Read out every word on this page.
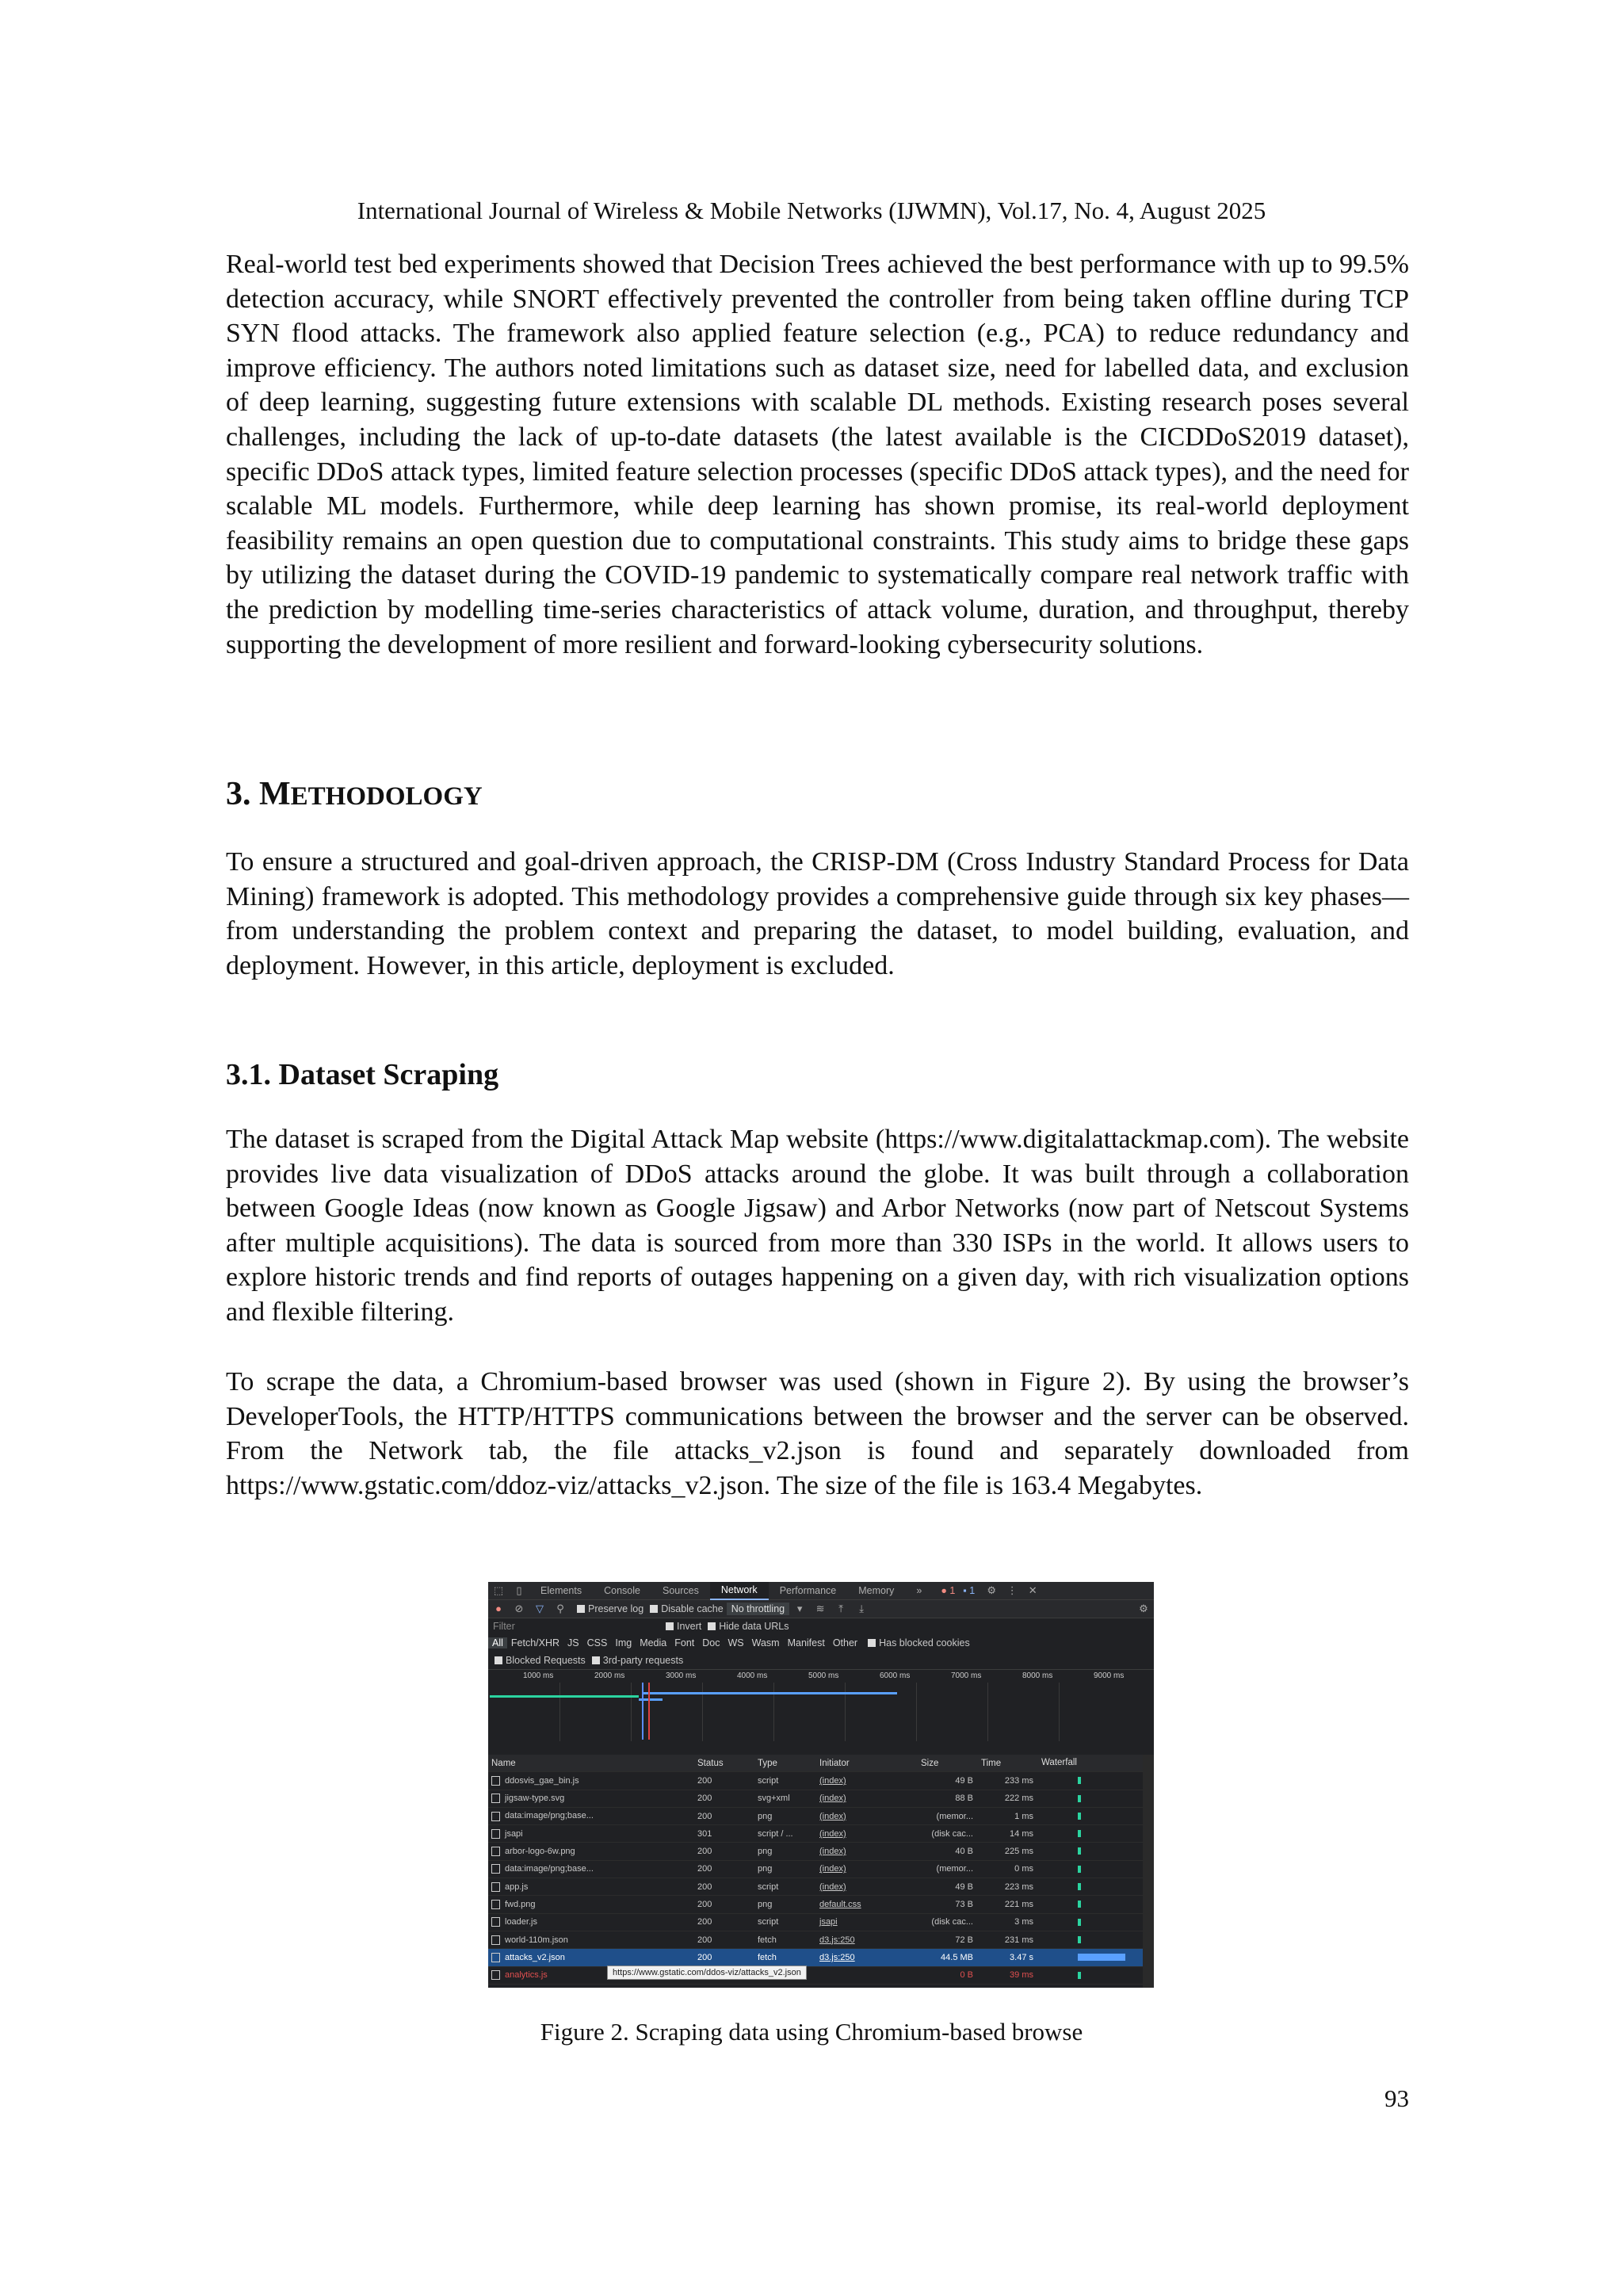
International Journal of Wireless & Mobile Networks (IJWMN), Vol.17, No. 4, August 2025

Real-world test bed experiments showed that Decision Trees achieved the best performance with up to 99.5% detection accuracy, while SNORT effectively prevented the controller from being taken offline during TCP SYN flood attacks. The framework also applied feature selection (e.g., PCA) to reduce redundancy and improve efficiency. The authors noted limitations such as dataset size, need for labelled data, and exclusion of deep learning, suggesting future extensions with scalable DL methods. Existing research poses several challenges, including the lack of up-to-date datasets (the latest available is the CICDDoS2019 dataset), specific DDoS attack types, limited feature selection processes (specific DDoS attack types), and the need for scalable ML models. Furthermore, while deep learning has shown promise, its real-world deployment feasibility remains an open question due to computational constraints. This study aims to bridge these gaps by utilizing the dataset during the COVID-19 pandemic to systematically compare real network traffic with the prediction by modelling time-series characteristics of attack volume, duration, and throughput, thereby supporting the development of more resilient and forward-looking cybersecurity solutions.

3. METHODOLOGY

To ensure a structured and goal-driven approach, the CRISP-DM (Cross Industry Standard Process for Data Mining) framework is adopted. This methodology provides a comprehensive guide through six key phases—from understanding the problem context and preparing the dataset, to model building, evaluation, and deployment. However, in this article, deployment is excluded.

3.1. Dataset Scraping

The dataset is scraped from the Digital Attack Map website (https://www.digitalattackmap.com). The website provides live data visualization of DDoS attacks around the globe. It was built through a collaboration between Google Ideas (now known as Google Jigsaw) and Arbor Networks (now part of Netscout Systems after multiple acquisitions). The data is sourced from more than 330 ISPs in the world. It allows users to explore historic trends and find reports of outages happening on a given day, with rich visualization options and flexible filtering.

To scrape the data, a Chromium-based browser was used (shown in Figure 2). By using the browser’s DeveloperTools, the HTTP/HTTPS communications between the browser and the server can be observed. From the Network tab, the file attacks_v2.json is found and separately downloaded from https://www.gstatic.com/ddoz-viz/attacks_v2.json. The size of the file is 163.4 Megabytes.

⬚ ▯	Elements	Console	Sources	Network	Performance	Memory	»	● 1 ▪ 1 ⚙ ⋮ ✕
● ⊘ ▽ ⚲ Preserve log Disable cache No throttling	▾ ≋	⤒	⤓	⚙
Filter	Invert Hide data URLs
All Fetch/XHR JS CSS Img Media Font Doc WS Wasm Manifest Other	Has blocked cookies
Blocked Requests 3rd-party requests
1000 ms	2000 ms	3000 ms	4000 ms	5000 ms	6000 ms	7000 ms	8000 ms	9000 ms
Name	Status	Type	Initiator	Size	Time	Waterfall
ddosvis_gae_bin.js	200	script	(index)	49 B	233 ms
jigsaw-type.svg	200	svg+xml	(index)	88 B	222 ms
data:image/png;base...	200	png	(index)	(memor...	1 ms
jsapi	301	script / ...	(index)	(disk cac...	14 ms
arbor-logo-6w.png	200	png	(index)	40 B	225 ms
data:image/png;base...	200	png	(index)	(memor...	0 ms
app.js	200	script	(index)	49 B	223 ms
fwd.png	200	png	default.css	73 B	221 ms
loader.js	200	script	jsapi	(disk cac...	3 ms
world-110m.json	200	fetch	d3.js:250	72 B	231 ms
attacks_v2.json	200	fetch	d3.js:250	44.5 MB	3.47 s
analytics.js	0 B	39 ms
https://www.gstatic.com/ddos-viz/attacks_v2.json
Figure 2. Scraping data using Chromium-based browse
93
